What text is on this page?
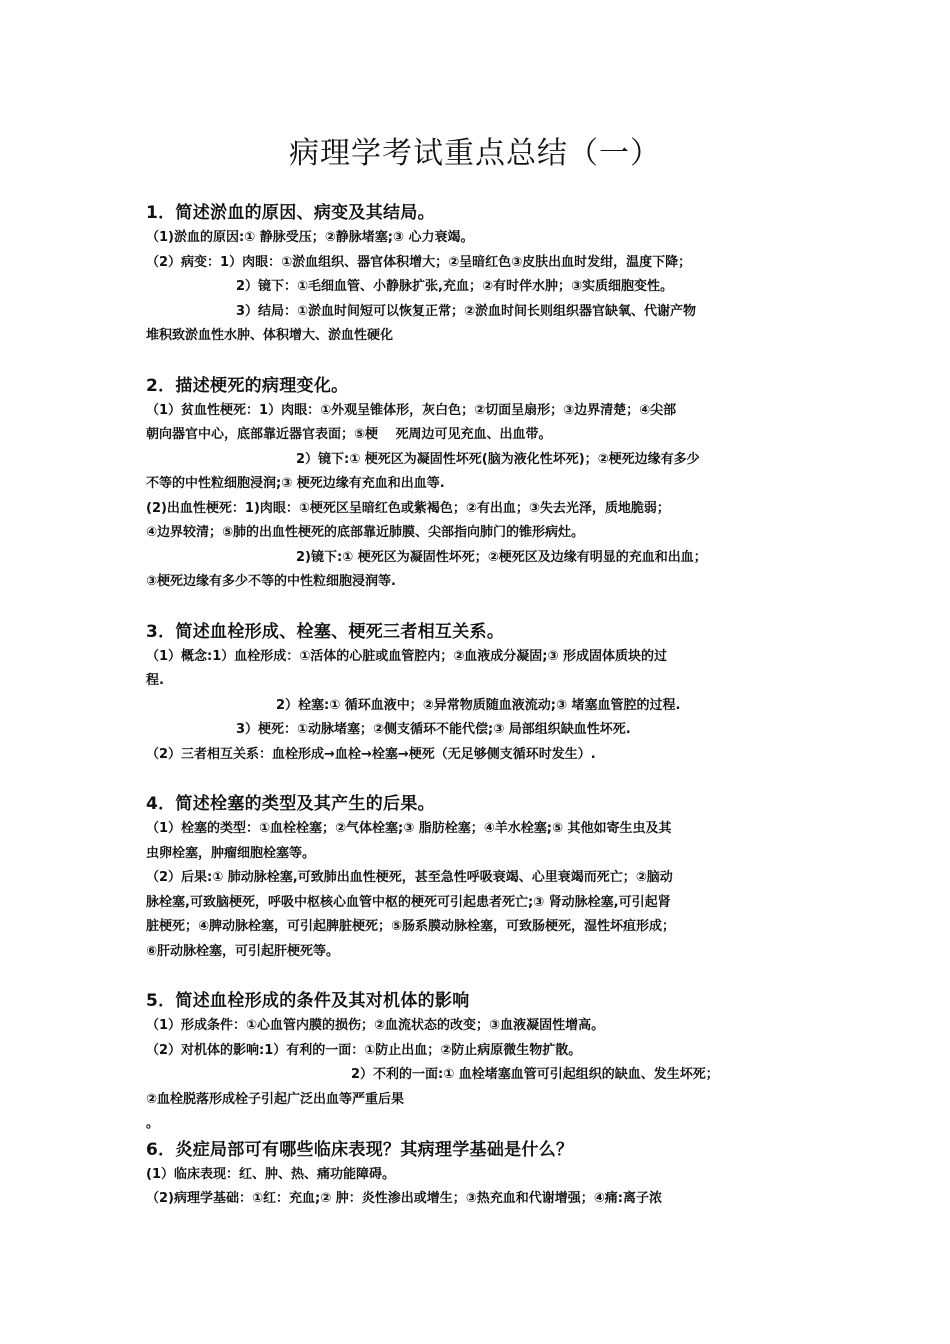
病理学考试重点总结（一）

1．简述淤血的原因、病变及其结局。

（1)淤血的原因:① 静脉受压；②静脉堵塞;③ 心力衰竭。

（2）病变：1）肉眼：①淤血组织、器官体积增大；②呈暗红色③皮肤出血时发绀，温度下降；

2）镜下：①毛细血管、小静脉扩张,充血；②有时伴水肿；③实质细胞变性。

3）结局：①淤血时间短可以恢复正常；②淤血时间长则组织器官缺氧、代谢产物

堆积致淤血性水肿、体积增大、淤血性硬化

2．描述梗死的病理变化。

（1）贫血性梗死：1）肉眼：①外观呈锥体形，灰白色；②切面呈扇形；③边界清楚；④尖部

朝向器官中心，底部靠近器官表面；⑤梗　 死周边可见充血、出血带。

2）镜下:① 梗死区为凝固性坏死(脑为液化性坏死)；②梗死边缘有多少

不等的中性粒细胞浸润;③ 梗死边缘有充血和出血等.

(2)出血性梗死：1)肉眼：①梗死区呈暗红色或紫褐色；②有出血；③失去光泽，质地脆弱；

④边界较清；⑤肺的出血性梗死的底部靠近肺膜、尖部指向肺门的锥形病灶。

2)镜下:① 梗死区为凝固性坏死；②梗死区及边缘有明显的充血和出血；

③梗死边缘有多少不等的中性粒细胞浸润等.

3．简述血栓形成、栓塞、梗死三者相互关系。

（1）概念:1）血栓形成：①活体的心脏或血管腔内；②血液成分凝固;③ 形成固体质块的过

程.

2）栓塞:① 循环血液中；②异常物质随血液流动;③ 堵塞血管腔的过程.

3）梗死：①动脉堵塞；②侧支循环不能代偿;③ 局部组织缺血性坏死.

（2）三者相互关系：血栓形成→血栓→栓塞→梗死（无足够侧支循环时发生）.

4．简述栓塞的类型及其产生的后果。

（1）栓塞的类型：①血栓栓塞；②气体栓塞;③ 脂肪栓塞；④羊水栓塞;⑤ 其他如寄生虫及其

虫卵栓塞，肿瘤细胞栓塞等。

（2）后果:① 肺动脉栓塞,可致肺出血性梗死，甚至急性呼吸衰竭、心里衰竭而死亡；②脑动

脉栓塞,可致脑梗死，呼吸中枢核心血管中枢的梗死可引起患者死亡;③ 肾动脉栓塞,可引起肾

脏梗死；④脾动脉栓塞，可引起脾脏梗死；⑤肠系膜动脉栓塞，可致肠梗死，湿性坏疽形成；

⑥肝动脉栓塞，可引起肝梗死等。

5．简述血栓形成的条件及其对机体的影响

（1）形成条件：①心血管内膜的损伤；②血流状态的改变；③血液凝固性增高。

（2）对机体的影响:1）有利的一面：①防止出血；②防止病原微生物扩散。

2）不利的一面:① 血栓堵塞血管可引起组织的缺血、发生坏死；

②血栓脱落形成栓子引起广泛出血等严重后果

。

6．炎症局部可有哪些临床表现？其病理学基础是什么？

(1）临床表现：红、肿、热、痛功能障碍。

（2)病理学基础：①红：充血;② 肿：炎性渗出或增生；③热充血和代谢增强；④痛:离子浓
